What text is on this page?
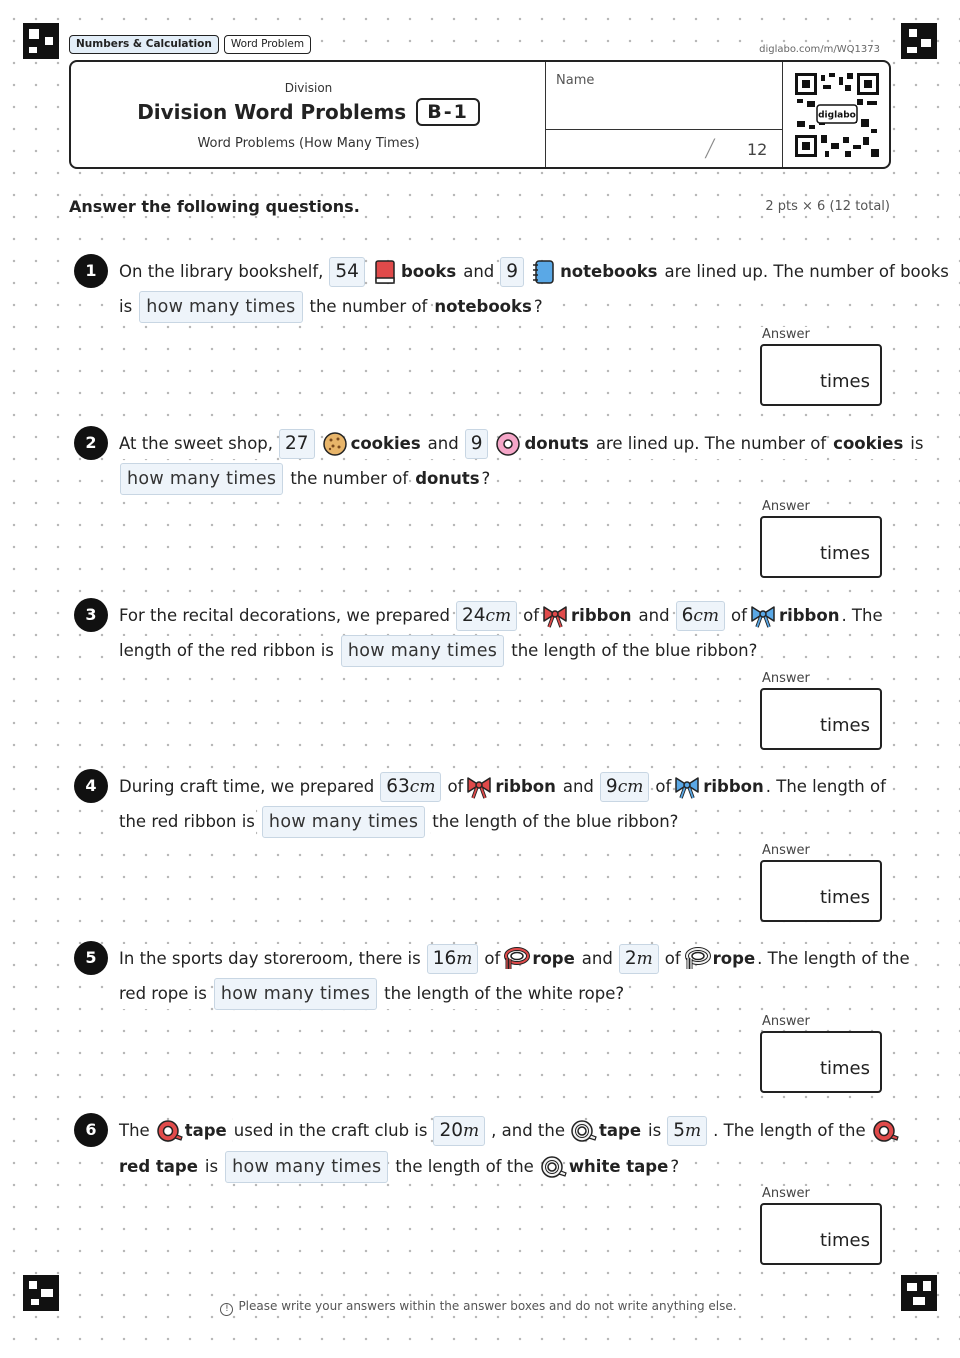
Numbers & Calculation	Word Problem	diglabo.com/m/WQ1373
Division
Division Word Problems	B-1
Word Problems (How Many Times)
Name
/ 12
diglabo
Answer the following questions.	2 pts × 6 (12 total)
1	On the library bookshelf, 54	books and 9	notebooks are lined up. The number of books
is how many times the number of notebooks ?
Answer
times
2	At the sweet shop, 27	cookies and 9	donuts are lined up. The number of cookies is
how many times the number of donuts ?
Answer
times
3	For the recital decorations, we prepared 24cm of ribbon and 6cm of ribbon . The
length of the red ribbon is how many times the length of the blue ribbon?
Answer
times
4	During craft time, we prepared 63cm of ribbon and 9cm of ribbon . The length of
the red ribbon is how many times the length of the blue ribbon?
Answer
times
5	In the sports day storeroom, there is 16m of rope and 2m of rope . The length of the
red rope is how many times the length of the white rope?
Answer
times
6	The tape used in the craft club is 20m , and the tape is 5m . The length of the
red tape is how many times the length of the white tape ?
Answer
times
! Please write your answers within the answer boxes and do not write anything else.
